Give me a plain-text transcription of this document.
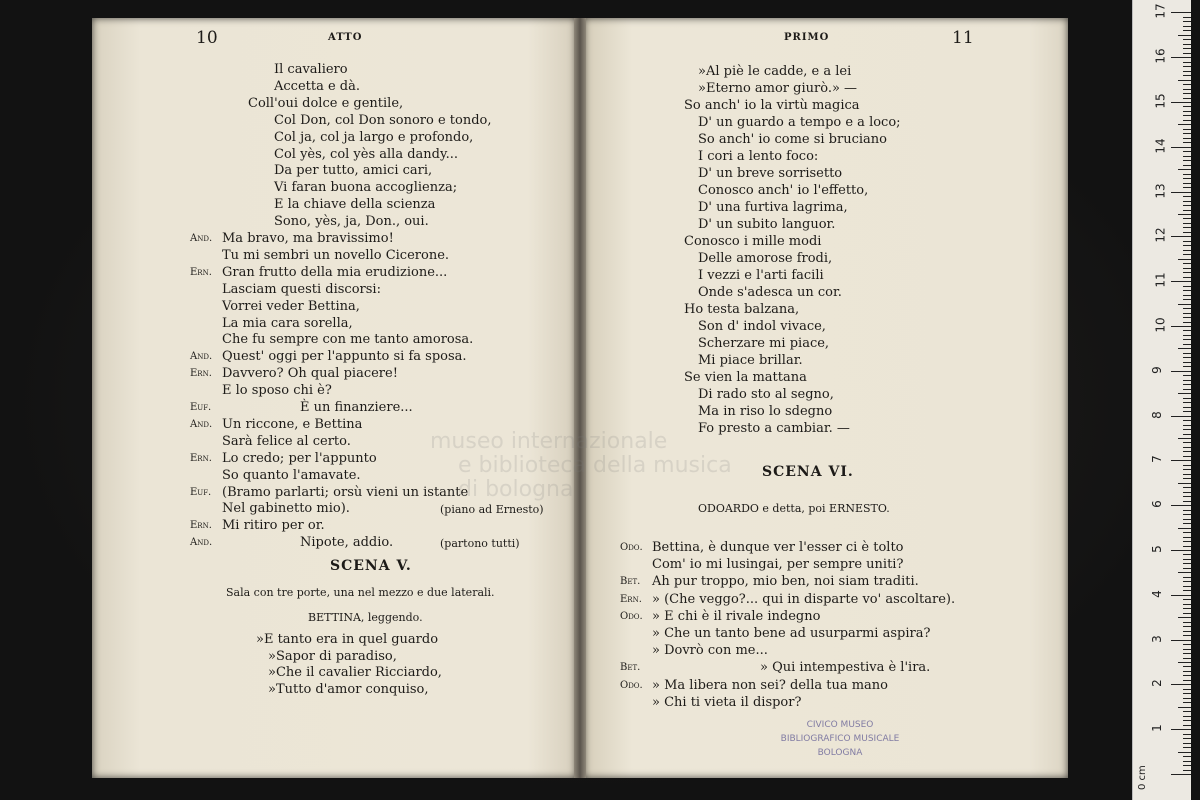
10	ATTO	11
PRIMO
Il cavaliero
Accetta e dà.
Coll'oui dolce e gentile,
Col Don, col Don sonoro e tondo,
Col ja, col ja largo e profondo,
Col yès, col yès alla dandy...
Da per tutto, amici cari,
Vi faran buona accoglienza;
E la chiave della scienza
Sono, yès, ja, Don., oui.
And. Ma bravo, ma bravissimo!
Tu mi sembri un novello Cicerone.
Ern. Gran frutto della mia erudizione...
Lasciam questi discorsi:
Vorrei veder Bettina,
La mia cara sorella,
Che fu sempre con me tanto amorosa.
And. Quest' oggi per l'appunto si fa sposa.
Ern. Davvero? Oh qual piacere!
E lo sposo chi è?
Euf.	È un finanziere...
And. Un riccone, e Bettina
Sarà felice al certo.
Ern. Lo credo; per l'appunto
So quanto l'amavate.
Euf. (Bramo parlarti; orsù vieni un istante
Nel gabinetto mio).	(piano ad Ernesto)
Ern. Mi ritiro per or.
And.	Nipote, addio.	(partono tutti)
»Al piè le cadde, e a lei
»Eterno amor giurò.» —
So anch' io la virtù magica
D' un guardo a tempo e a loco;
So anch' io come si bruciano
I cori a lento foco:
D' un breve sorrisetto
Conosco anch' io l'effetto,
D' una furtiva lagrima,
D' un subito languor.
Conosco i mille modi
Delle amorose frodi,
I vezzi e l'arti facili
Onde s'adesca un cor.
Ho testa balzana,
Son d' indol vivace,
Scherzare mi piace,
Mi piace brillar.
Se vien la mattana
Di rado sto al segno,
Ma in riso lo sdegno
Fo presto a cambiar. —
SCENA V.
Sala con tre porte, una nel mezzo e due laterali.
BETTINA, leggendo.
»E tanto era in quel guardo
»Sapor di paradiso,
»Che il cavalier Ricciardo,
»Tutto d'amor conquiso,
SCENA VI.
ODOARDO e detta, poi ERNESTO.
Odo. Bettina, è dunque ver l'esser ci è tolto
Com' io mi lusingai, per sempre uniti?
Bet. Ah pur troppo, mio ben, noi siam traditi.
Ern. » (Che veggo?... qui in disparte vo' ascoltare).
Odo. » E chi è il rivale indegno
» Che un tanto bene ad usurparmi aspira?
» Dovrò con me...
Bet.	» Qui intempestiva è l'ira.
Odo. » Ma libera non sei? della tua mano
» Chi ti vieta il dispor?
museo internazionale
e biblioteca della musica
di bologna
CIVICO MUSEO
BIBLIOGRAFICO MUSICALE
BOLOGNA
0 cm
1
2
3
4
5
6
7
8
9
10
11
12
13
14
15
16
17
